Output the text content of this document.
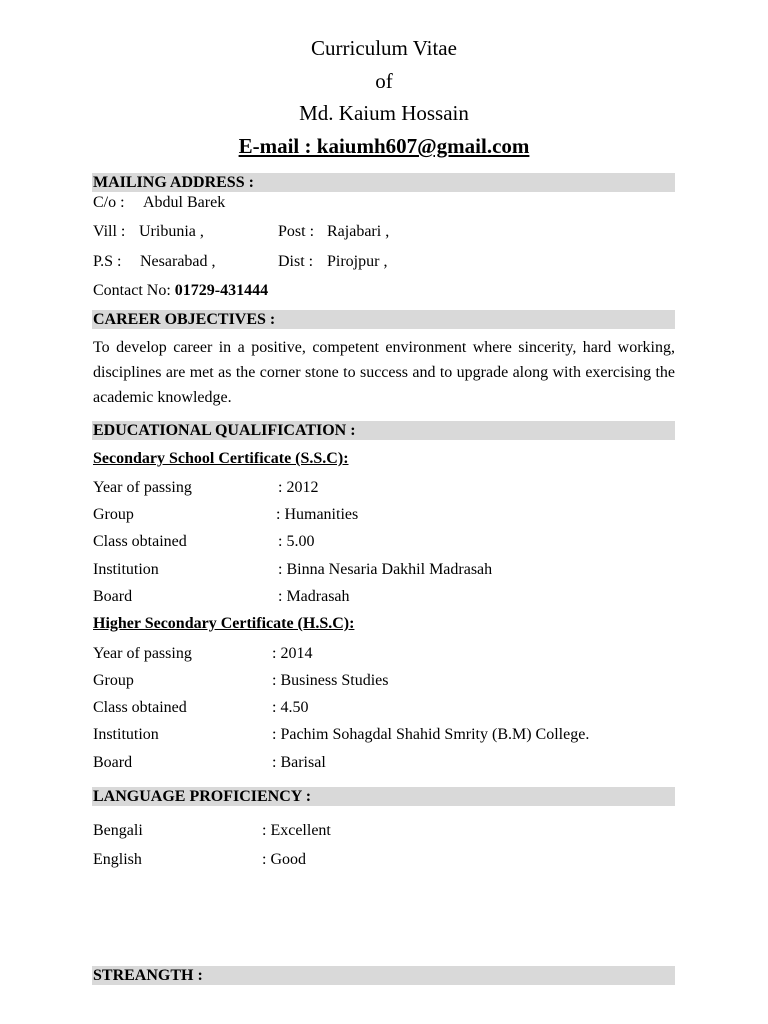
Curriculum Vitae
of
Md. Kaium Hossain
E-mail : kaiumh607@gmail.com
MAILING ADDRESS :
C/o : Abdul Barek
Vill : Uribunia ,	Post : Rajabari ,
P.S : Nesarabad ,	Dist : Pirojpur ,
Contact No: 01729-431444
CAREER OBJECTIVES :
To develop career in a positive, competent environment where sincerity, hard working, disciplines are met as the corner stone to success and to upgrade along with exercising the academic knowledge.
EDUCATIONAL QUALIFICATION :
Secondary School Certificate (S.S.C):
Year of passing	: 2012
Group	: Humanities
Class obtained	: 5.00
Institution	: Binna Nesaria Dakhil Madrasah
Board	: Madrasah
Higher Secondary Certificate (H.S.C):
Year of passing	: 2014
Group	: Business Studies
Class obtained	: 4.50
Institution	: Pachim Sohagdal Shahid Smrity (B.M) College.
Board	: Barisal
LANGUAGE PROFICIENCY :
Bengali	: Excellent
English	: Good
STREANGTH :
